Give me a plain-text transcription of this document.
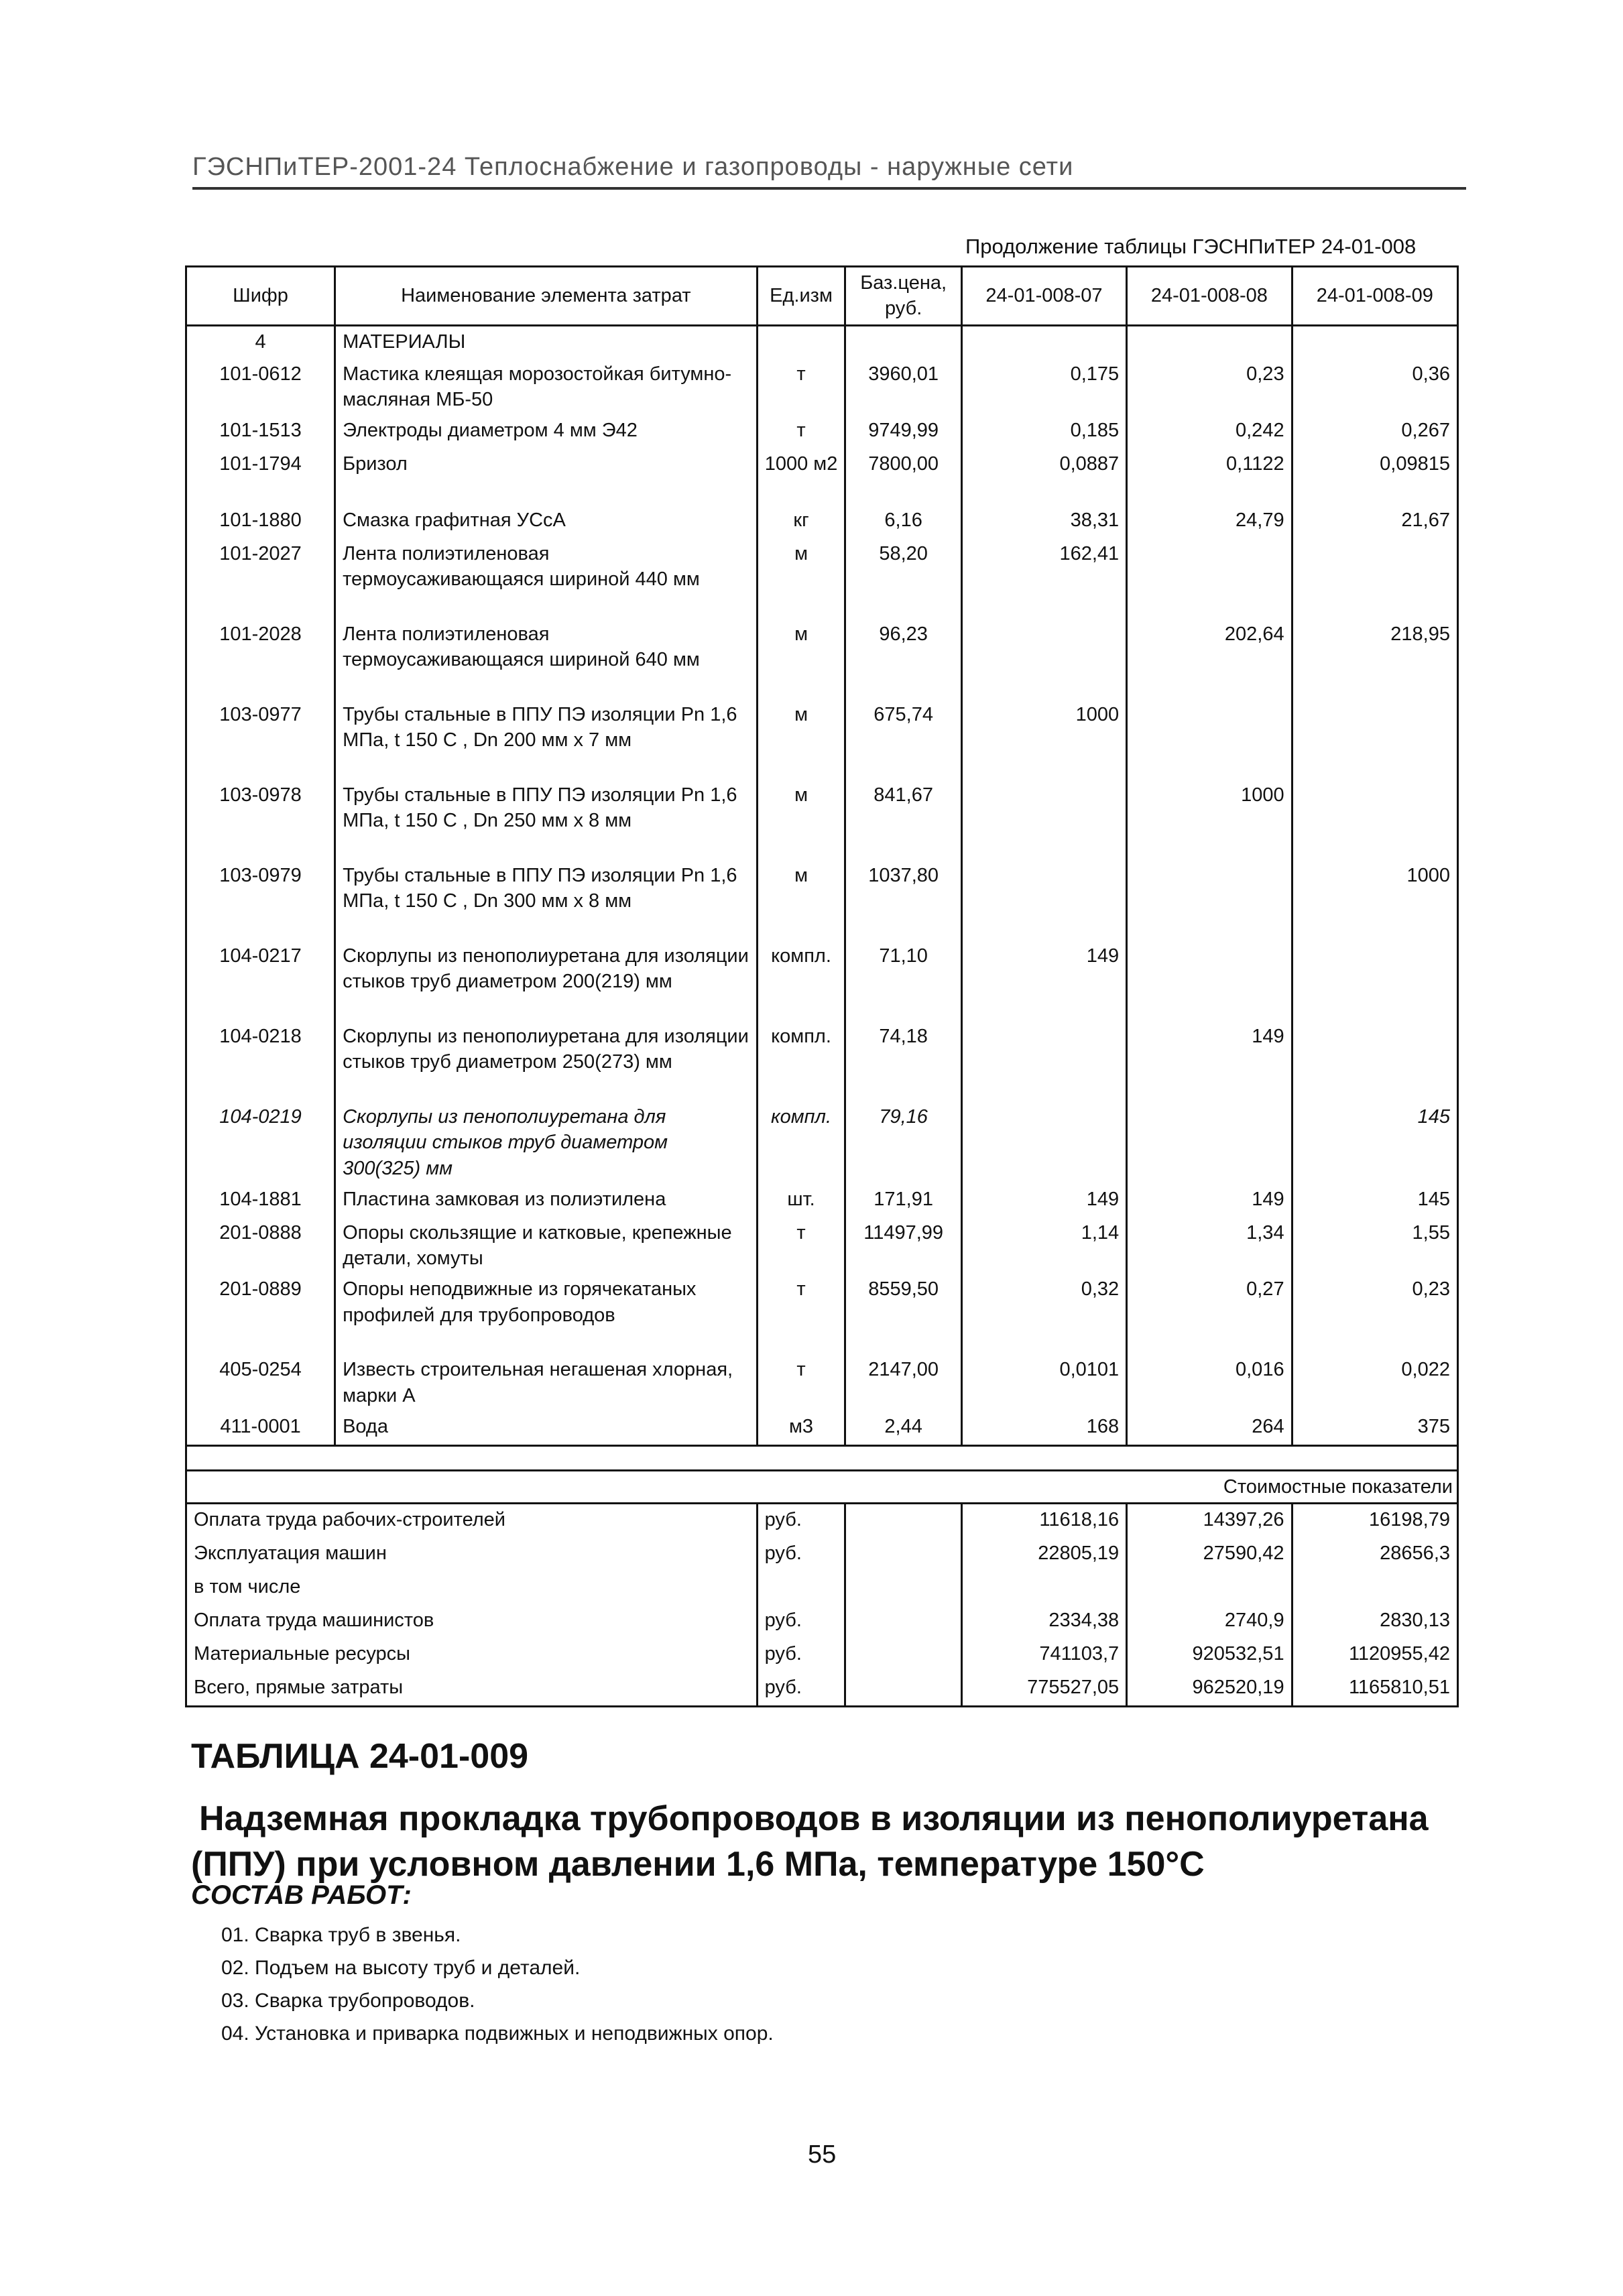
ГЭСНПиТЕР-2001-24 Теплоснабжение и газопроводы - наружные сети
Продолжение таблицы ГЭСНПиТЕР 24-01-008
Шифр	Наименование элемента затрат	Ед.изм	Баз.цена, руб.	24-01-008-07	24-01-008-08	24-01-008-09
4	МАТЕРИАЛЫ					
101-0612	Мастика клеящая морозостойкая битумно-масляная МБ-50	т	3960,01	0,175	0,23	0,36
101-1513	Электроды диаметром 4 мм Э42	т	9749,99	0,185	0,242	0,267
101-1794	Бризол	1000 м2	7800,00	0,0887	0,1122	0,09815
101-1880	Смазка графитная УСсА	кг	6,16	38,31	24,79	21,67
101-2027	Лента полиэтиленовая термоусаживающаяся шириной 440 мм	м	58,20	162,41		
101-2028	Лента полиэтиленовая термоусаживающаяся шириной 640 мм	м	96,23		202,64	218,95
103-0977	Трубы стальные в ППУ ПЭ изоляции Pn 1,6 МПа, t 150 С , Dn 200 мм х 7 мм	м	675,74	1000		
103-0978	Трубы стальные в ППУ ПЭ изоляции Pn 1,6 МПа, t 150 С , Dn 250 мм х 8 мм	м	841,67		1000	
103-0979	Трубы стальные в ППУ ПЭ изоляции Pn 1,6 МПа, t 150 С , Dn 300 мм х 8 мм	м	1037,80			1000
104-0217	Скорлупы из пенополиуретана для изоляции стыков труб диаметром 200(219) мм	компл.	71,10	149		
104-0218	Скорлупы из пенополиуретана для изоляции стыков труб диаметром 250(273) мм	компл.	74,18		149	
104-0219	Скорлупы из пенополиуретана для изоляции стыков труб диаметром 300(325) мм	компл.	79,16			145
104-1881	Пластина замковая из полиэтилена	шт.	171,91	149	149	145
201-0888	Опоры скользящие и катковые, крепежные детали, хомуты	т	11497,99	1,14	1,34	1,55
201-0889	Опоры неподвижные из горячекатаных профилей для трубопроводов	т	8559,50	0,32	0,27	0,23
405-0254	Известь строительная негашеная хлорная, марки А	т	2147,00	0,0101	0,016	0,022
411-0001	Вода	м3	2,44	168	264	375

Стоимостные показатели						
Оплата труда рабочих-строителей		руб.		11618,16	14397,26	16198,79
Эксплуатация машин		руб.		22805,19	27590,42	28656,3
в том числе						
Оплата труда машинистов		руб.		2334,38	2740,9	2830,13
Материальные ресурсы		руб.		741103,7	920532,51	1120955,42
Всего, прямые затраты		руб.		775527,05	962520,19	1165810,51
ТАБЛИЦА 24-01-009
Надземная прокладка трубопроводов в изоляции из пенополиуретана (ППУ) при условном давлении 1,6 МПа, температуре 150°С
СОСТАВ РАБОТ:
01. Сварка труб в звенья.
02. Подъем на высоту труб и деталей.
03. Сварка трубопроводов.
04. Установка и приварка подвижных и неподвижных опор.
55
